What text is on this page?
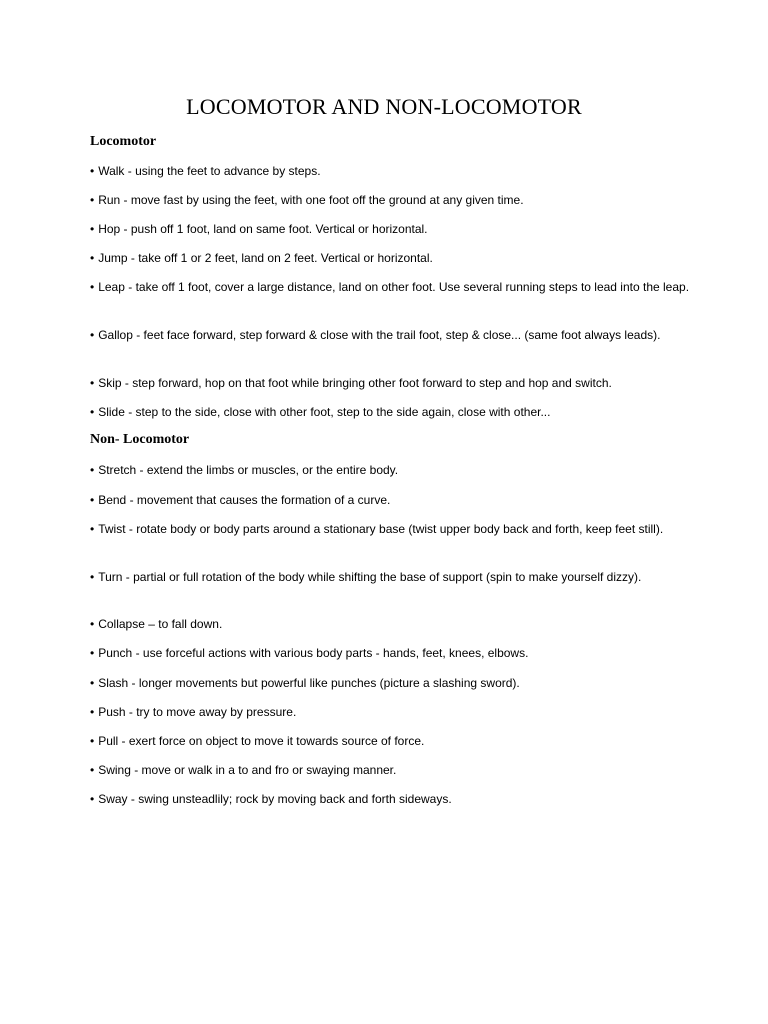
LOCOMOTOR AND NON-LOCOMOTOR
Locomotor

• Walk - using the feet to advance by steps.

• Run - move fast by using the feet, with one foot off the ground at any given time.

• Hop - push off 1 foot, land on same foot. Vertical or horizontal.

• Jump - take off 1 or 2 feet, land on 2 feet. Vertical or horizontal.

• Leap - take off 1 foot, cover a large distance, land on other foot. Use several running steps to lead into the leap.

• Gallop - feet face forward, step forward & close with the trail foot, step & close... (same foot always leads).

• Skip - step forward, hop on that foot while bringing other foot forward to step and hop and switch.

• Slide - step to the side, close with other foot, step to the side again, close with other...

Non- Locomotor

• Stretch - extend the limbs or muscles, or the entire body.

• Bend - movement that causes the formation of a curve.

• Twist - rotate body or body parts around a stationary base (twist upper body back and forth, keep feet still).

• Turn - partial or full rotation of the body while shifting the base of support (spin to make yourself dizzy).

• Collapse – to fall down.

• Punch - use forceful actions with various body parts - hands, feet, knees, elbows.

• Slash - longer movements but powerful like punches (picture a slashing sword).

• Push - try to move away by pressure.

• Pull - exert force on object to move it towards source of force.

• Swing - move or walk in a to and fro or swaying manner.

• Sway - swing unsteadlily; rock by moving back and forth sideways.
